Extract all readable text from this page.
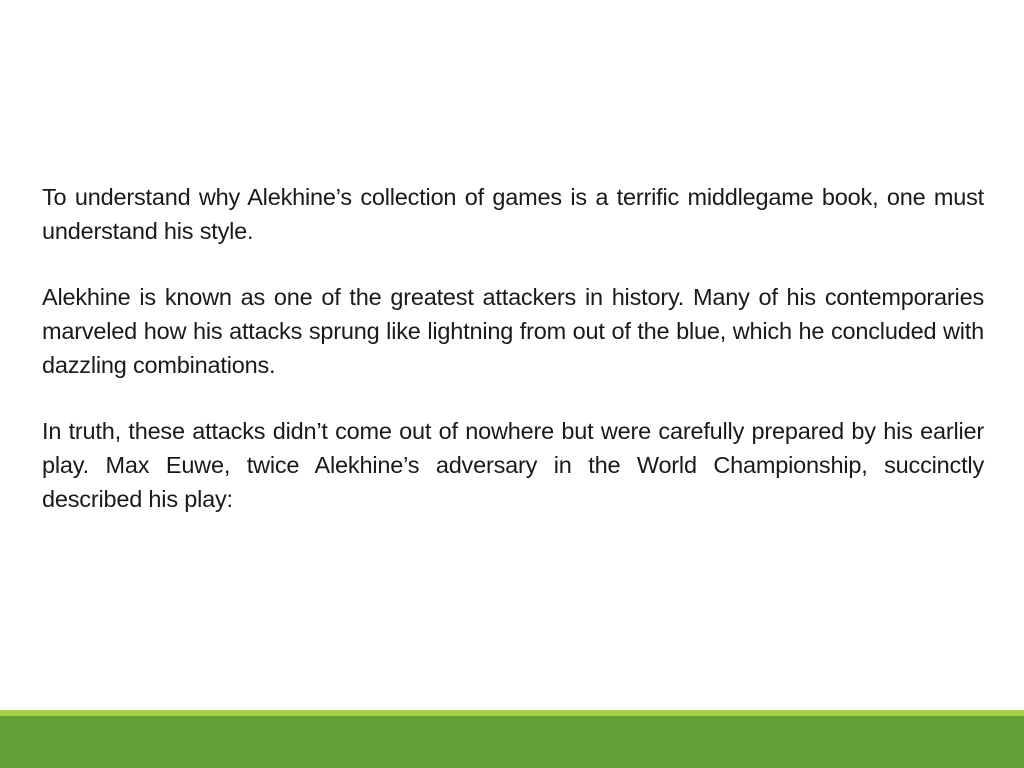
To understand why Alekhine’s collection of games is a terrific middlegame book, one must understand his style.

Alekhine is known as one of the greatest attackers in history. Many of his contemporaries marveled how his attacks sprung like lightning from out of the blue, which he concluded with dazzling combinations.

In truth, these attacks didn’t come out of nowhere but were carefully prepared by his earlier play. Max Euwe, twice Alekhine’s adversary in the World Championship, succinctly described his play:
